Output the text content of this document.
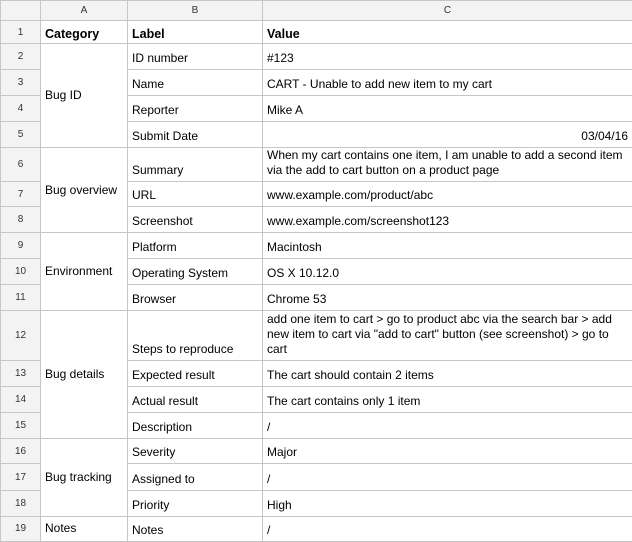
	A	B	C
1	Category	Label	Value
2	Bug ID	ID number	#123
3		Name	CART - Unable to add new item to my cart
4		Reporter	Mike A
5		Submit Date	03/04/16
6	Bug overview	Summary	When my cart contains one item, I am unable to add a second item via the add to cart button on a product page
7		URL	www.example.com/product/abc
8		Screenshot	www.example.com/screenshot123
9	Environment	Platform	Macintosh
10		Operating System	OS X 10.12.0
11		Browser	Chrome 53
12	Bug details	Steps to reproduce	add one item to cart > go to product abc via the search bar > add new item to cart via "add to cart" button (see screenshot) > go to cart
13		Expected result	The cart should contain 2 items
14		Actual result	The cart contains only 1 item
15		Description	/
16	Bug tracking	Severity	Major
17		Assigned to	/
18		Priority	High
19	Notes	Notes	/
